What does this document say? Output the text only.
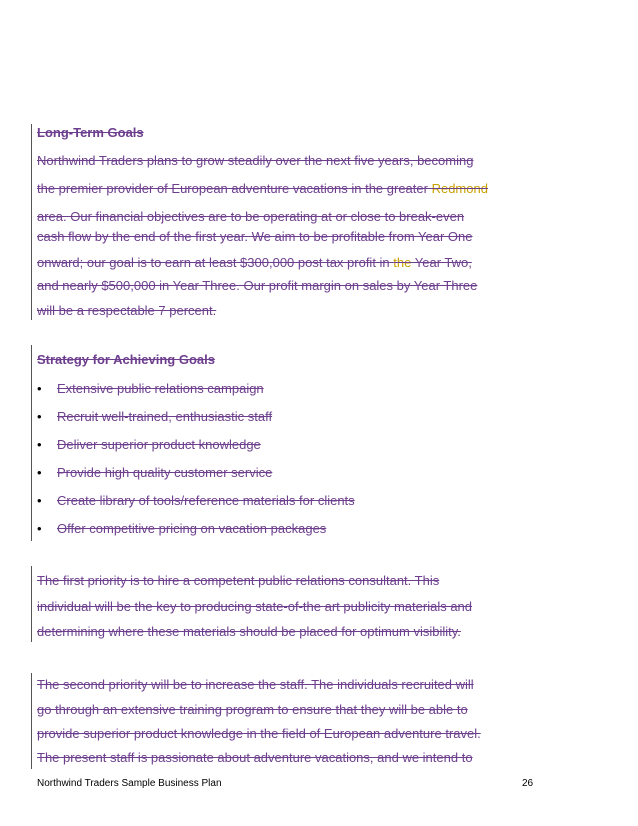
Long-Term Goals
Northwind Traders plans to grow steadily over the next five years, becoming
the premier provider of European adventure vacations in the greater Redmond
area. Our financial objectives are to be operating at or close to break-even
cash flow by the end of the first year. We aim to be profitable from Year One
onward; our goal is to earn at least $300,000 post tax profit in the Year Two,
and nearly $500,000 in Year Three. Our profit margin on sales by Year Three
will be a respectable 7 percent.
Strategy for Achieving Goals
• Extensive public relations campaign
• Recruit well-trained, enthusiastic staff
• Deliver superior product knowledge
• Provide high quality customer service
• Create library of tools/reference materials for clients
• Offer competitive pricing on vacation packages
The first priority is to hire a competent public relations consultant. This
individual will be the key to producing state-of-the art publicity materials and
determining where these materials should be placed for optimum visibility.
The second priority will be to increase the staff. The individuals recruited will
go through an extensive training program to ensure that they will be able to
provide superior product knowledge in the field of European adventure travel.
The present staff is passionate about adventure vacations, and we intend to
Northwind Traders Sample Business Plan	26
